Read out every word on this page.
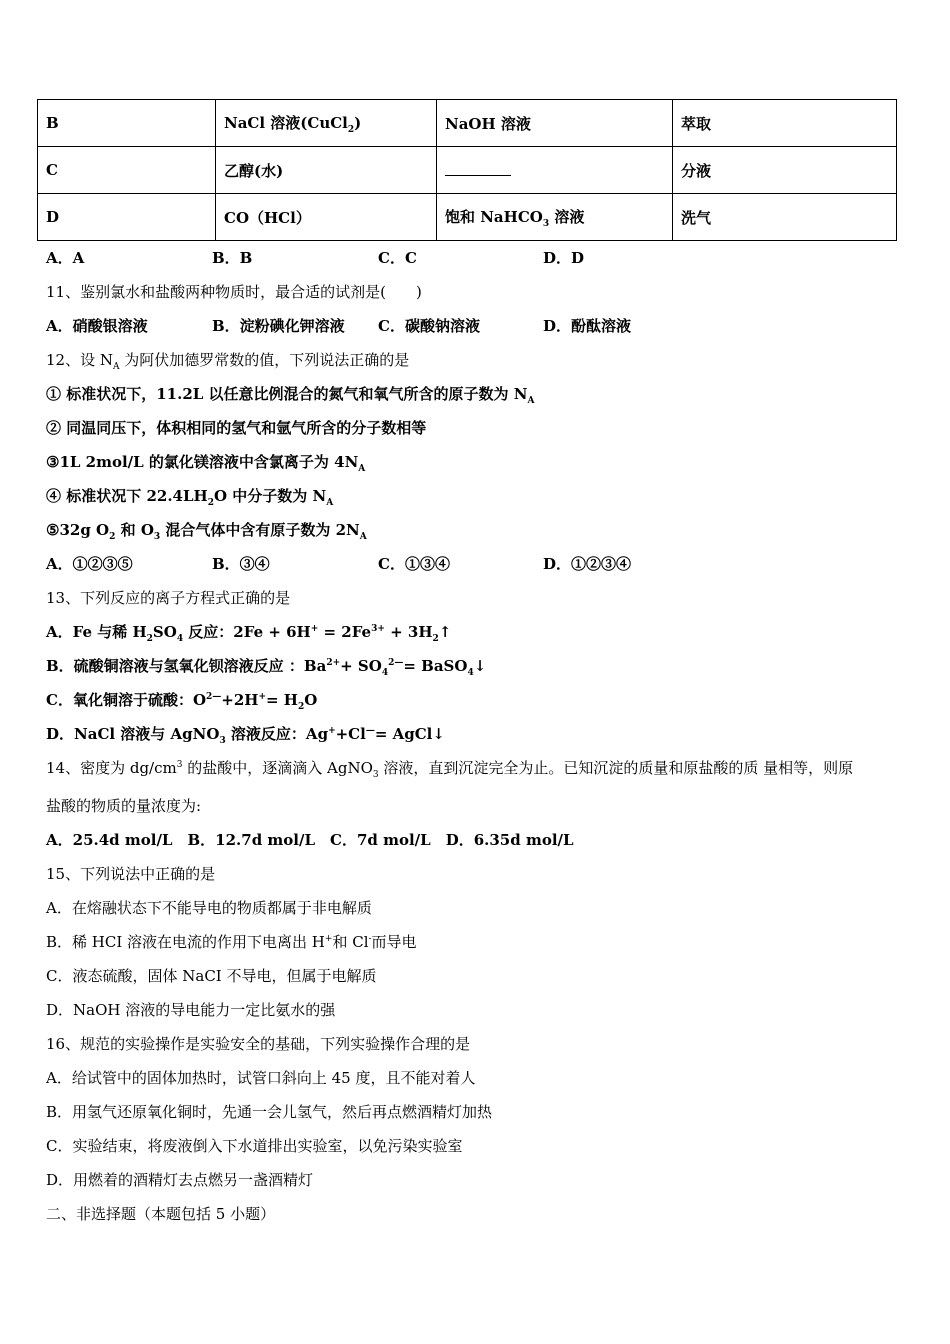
B	NaCl 溶液(CuCl$_2$)	NaOH 溶液	萃取
C	乙醇(水)		分液
D	CO（HCl）	饱和 NaHCO$_3$ 溶液	洗气
A．A	B．B	C．C	D．D
11、鉴别氯水和盐酸两种物质时，最合适的试剂是(　　)
A．硝酸银溶液	B．淀粉碘化钾溶液 C．碳酸钠溶液	D．酚酞溶液
12、设 $N_A$ 为阿伏加德罗常数的值，下列说法正确的是
① 标准状况下，11.2L 以任意比例混合的氮气和氧气所含的原子数为 $N_A$
② 同温同压下，体积相同的氢气和氩气所含的分子数相等
③1L 2mol/L 的氯化镁溶液中含氯离子为 $4N_A$
④ 标准状况下 $22.4LH_2O$ 中分子数为 $N_A$
⑤32g $O_2$ 和 $O_3$ 混合气体中含有原子数为 $2N_A$
A．①②③⑤	B．③④	C．①③④	D．①②③④
13、下列反应的离子方程式正确的是
A．Fe 与稀 $H_2SO_4$ 反应：$2Fe + 6H^+ = 2Fe^{3+}$ + $3H_2↑$
B．硫酸铜溶液与氢氧化钡溶液反应 ：$Ba^{2+}+ SO_4^{2—}=$ BaSO$_4$↓
C．氧化铜溶于硫酸：$O^{2—}+2H^+= H_2O$
D．NaCl 溶液与 AgNO$_3$ 溶液反应：Ag++Cl—= AgCl↓
14、密度为 $dg/cm^3$ 的盐酸中，逐滴滴入 AgNO$_3$ 溶液，直到沉淀完全为止。已知沉淀的质量和原盐酸的质 量相等，则原
盐酸的物质的量浓度为:
A．25.4d mol/L　B．12.7d mol/L　C．7d mol/L　D．6.35d mol/L
15、下列说法中正确的是
A．在熔融状态下不能导电的物质都属于非电解质
B．稀 HCI 溶液在电流的作用下电离出 H+和 Cl-而导电
C．液态硫酸，固体 NaCI 不导电，但属于电解质
D．NaOH 溶液的导电能力一定比氨水的强
16、规范的实验操作是实验安全的基础，下列实验操作合理的是
A．给试管中的固体加热时，试管口斜向上 45 度，且不能对着人
B．用氢气还原氧化铜时，先通一会儿氢气，然后再点燃酒精灯加热
C．实验结束，将废液倒入下水道排出实验室，以免污染实验室
D．用燃着的酒精灯去点燃另一盏酒精灯
二、非选择题（本题包括 5 小题）
